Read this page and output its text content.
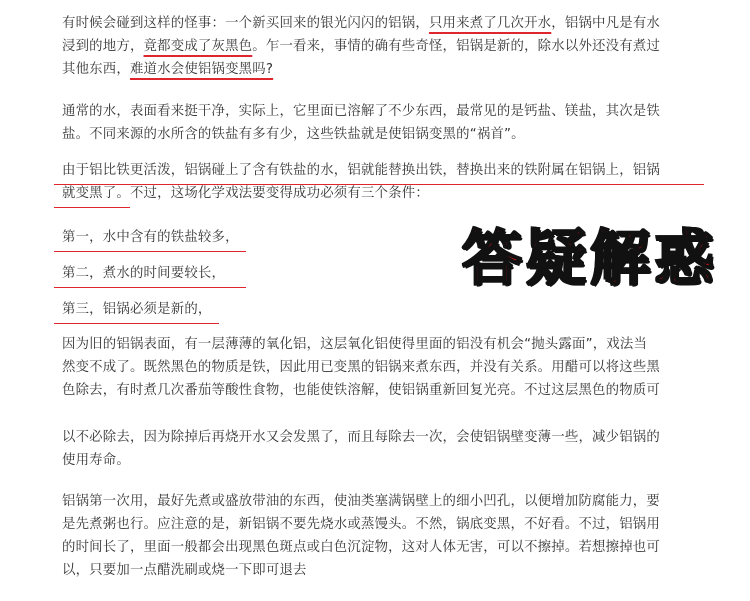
有时候会碰到这样的怪事：一个新买回来的银光闪闪的铝锅，只用来煮了几次开水，铝锅中凡是有水
浸到的地方，竟都变成了灰黑色。乍一看来，事情的确有些奇怪，铝锅是新的，除水以外还没有煮过
其他东西，难道水会使铝锅变黑吗?
通常的水，表面看来挺干净，实际上，它里面已溶解了不少东西，最常见的是钙盐、镁盐，其次是铁
盐。不同来源的水所含的铁盐有多有少，这些铁盐就是使铝锅变黑的“祸首”。
由于铝比铁更活泼，铝锅碰上了含有铁盐的水，铝就能替换出铁，替换出来的铁附属在铝锅上，铝锅
就变黑了。不过，这场化学戏法要变得成功必须有三个条件：
第一，水中含有的铁盐较多，
第二，煮水的时间要较长，
第三，铝锅必须是新的，
答疑解惑
因为旧的铝锅表面，有一层薄薄的氧化铝，这层氧化铝使得里面的铝没有机会“抛头露面”，戏法当
然变不成了。既然黑色的物质是铁，因此用已变黑的铝锅来煮东西，并没有关系。用醋可以将这些黑
色除去，有时煮几次番茄等酸性食物，也能使铁溶解，使铝锅重新回复光亮。不过这层黑色的物质可
以不必除去，因为除掉后再烧开水又会发黑了，而且每除去一次，会使铝锅壁变薄一些，减少铝锅的
使用寿命。
铝锅第一次用，最好先煮或盛放带油的东西，使油类塞满锅壁上的细小凹孔，以便增加防腐能力，要
是先煮粥也行。应注意的是，新铝锅不要先烧水或蒸馒头。不然，锅底变黑，不好看。不过，铝锅用
的时间长了，里面一般都会出现黑色斑点或白色沉淀物，这对人体无害，可以不擦掉。若想擦掉也可
以，只要加一点醋洗刷或烧一下即可退去
